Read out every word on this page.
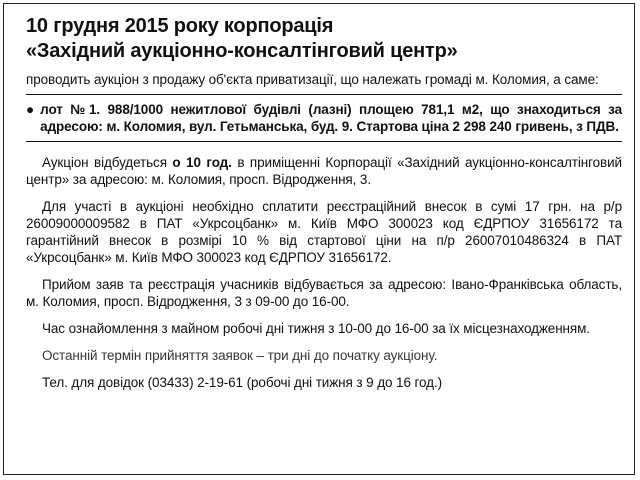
10 грудня 2015 року корпорація
«Західний аукціонно-консалтінговий центр»

проводить аукціон з продажу об'єкта приватизації, що належать громаді м. Коломия, а саме:

● лот №1. 988/1000 нежитлової будівлі (лазні) площею 781,1 м2, що знаходиться за адресою: м. Коломия, вул. Гетьманська, буд. 9. Стартова ціна 2 298 240 гривень, з ПДВ.

Аукціон відбудеться о 10 год. в приміщенні Корпорації «Західний аукціонно-консалтінговий центр» за адресою: м. Коломия, просп. Відродження, 3.

Для участі в аукціоні необхідно сплатити реєстраційний внесок в сумі 17 грн. на р/р 26009000009582 в ПАТ «Укрсоцбанк» м. Київ МФО 300023 код ЄДРПОУ 31656172 та гарантійний внесок в розмірі 10 % від стартової ціни на п/р 26007010486324 в ПАТ «Укрсоцбанк» м. Київ МФО 300023 код ЄДРПОУ 31656172.

Прийом заяв та реєстрація учасників відбувається за адресою: Івано-Франківська область, м. Коломия, просп. Відродження, 3 з 09-00 до 16-00.

Час ознайомлення з майном робочі дні тижня з 10-00 до 16-00 за їх місцезнаходженням.

Останній термін прийняття заявок – три дні до початку аукціону.

Тел. для довідок (03433) 2-19-61 (робочі дні тижня з 9 до 16 год.)
